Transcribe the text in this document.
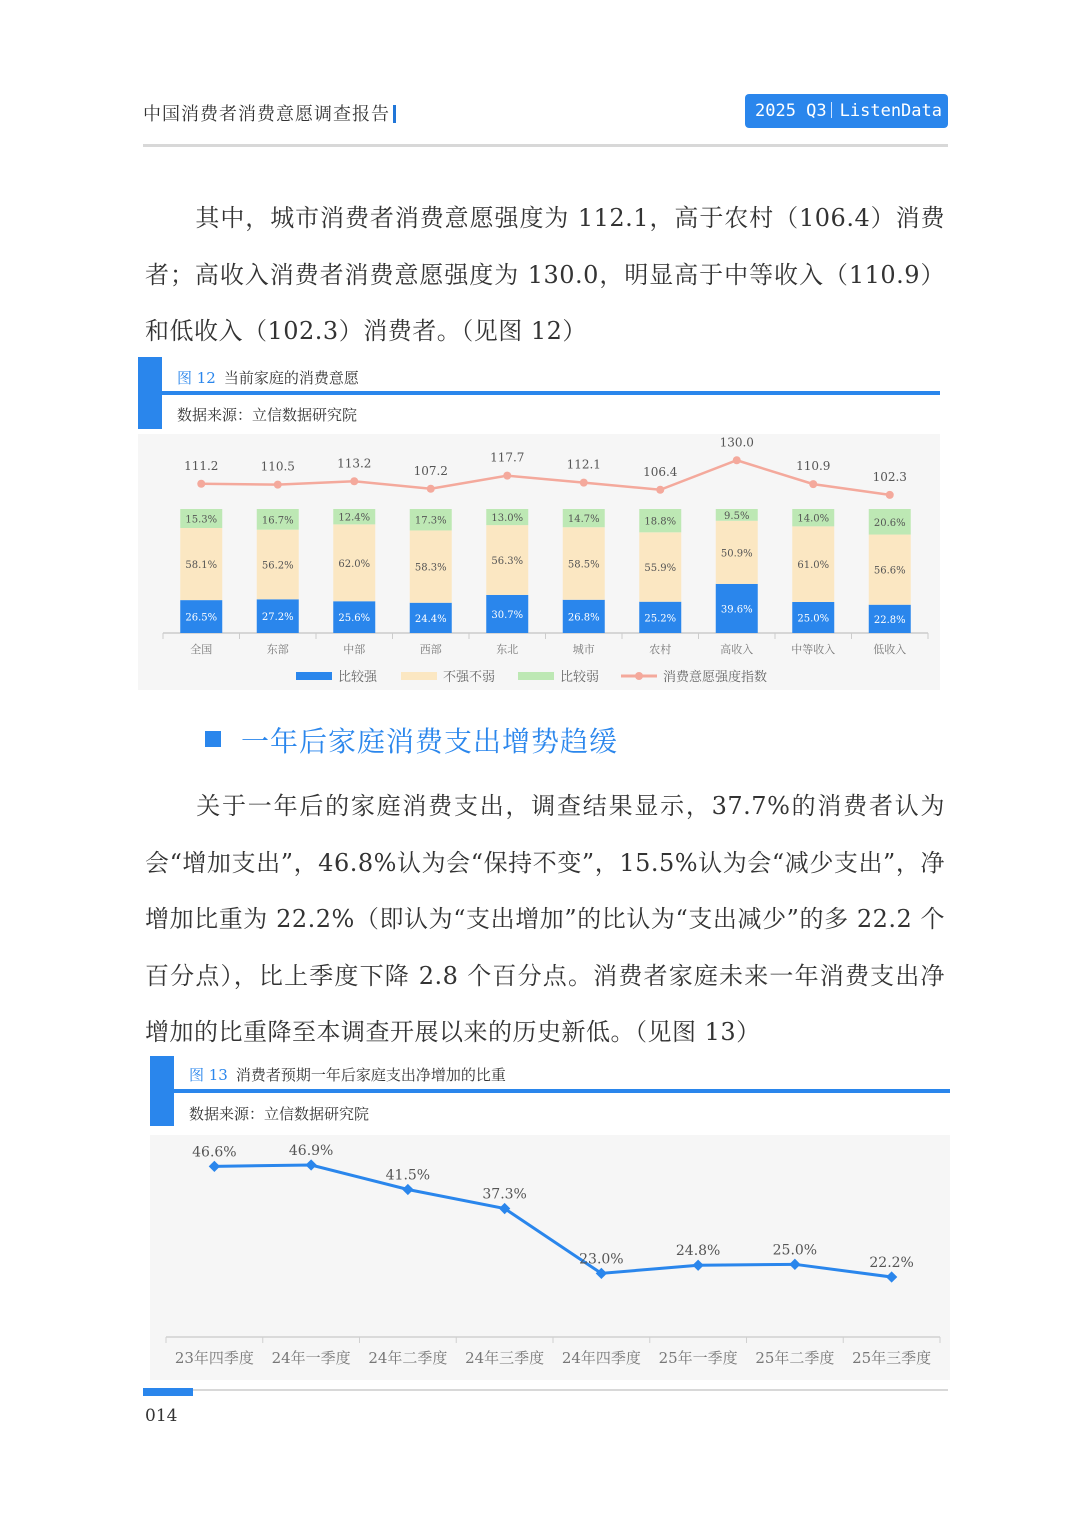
中国消费者消费意愿调查报告	2025 Q3 ListenData

其中，城市消费者消费意愿强度为 112.1，高于农村（106.4）消费者；高收入消费者消费意愿强度为 130.0，明显高于中等收入（110.9）和低收入（102.3）消费者。（见图 12）

图 12 当前家庭的消费意愿
数据来源：立信数据研究院
26.5%
58.1%
15.3%
全国
27.2%
56.2%
16.7%
东部
25.6%
62.0%
12.4%
中部
24.4%
58.3%
17.3%
西部
30.7%
56.3%
13.0%
东北
26.8%
58.5%
14.7%
城市
25.2%
55.9%
18.8%
农村
39.6%
50.9%
9.5%
高收入
25.0%
61.0%
14.0%
中等收入
22.8%
56.6%
20.6%
低收入
111.2	110.5	113.2
107.2
117.7	112.1
106.4
130.0
110.9
102.3
比较强	不强不弱	比较弱	消费意愿强度指数
一年后家庭消费支出增势趋缓

关于一年后的家庭消费支出，调查结果显示，37.7%的消费者认为会“增加支出”，46.8%认为会“保持不变”，15.5%认为会“减少支出”，净增加比重为 22.2%（即认为“支出增加”的比认为“支出减少”的多 22.2 个百分点），比上季度下降 2.8 个百分点。消费者家庭未来一年消费支出净增加的比重降至本调查开展以来的历史新低。（见图 13）

图 13 消费者预期一年后家庭支出净增加的比重
数据来源：立信数据研究院
46.6%	46.9%
41.5%
37.3%
23.0%
24.8%	25.0%
22.2%
23年四季度 24年一季度 24年二季度 24年三季度 24年四季度 25年一季度 25年二季度 25年三季度
014
